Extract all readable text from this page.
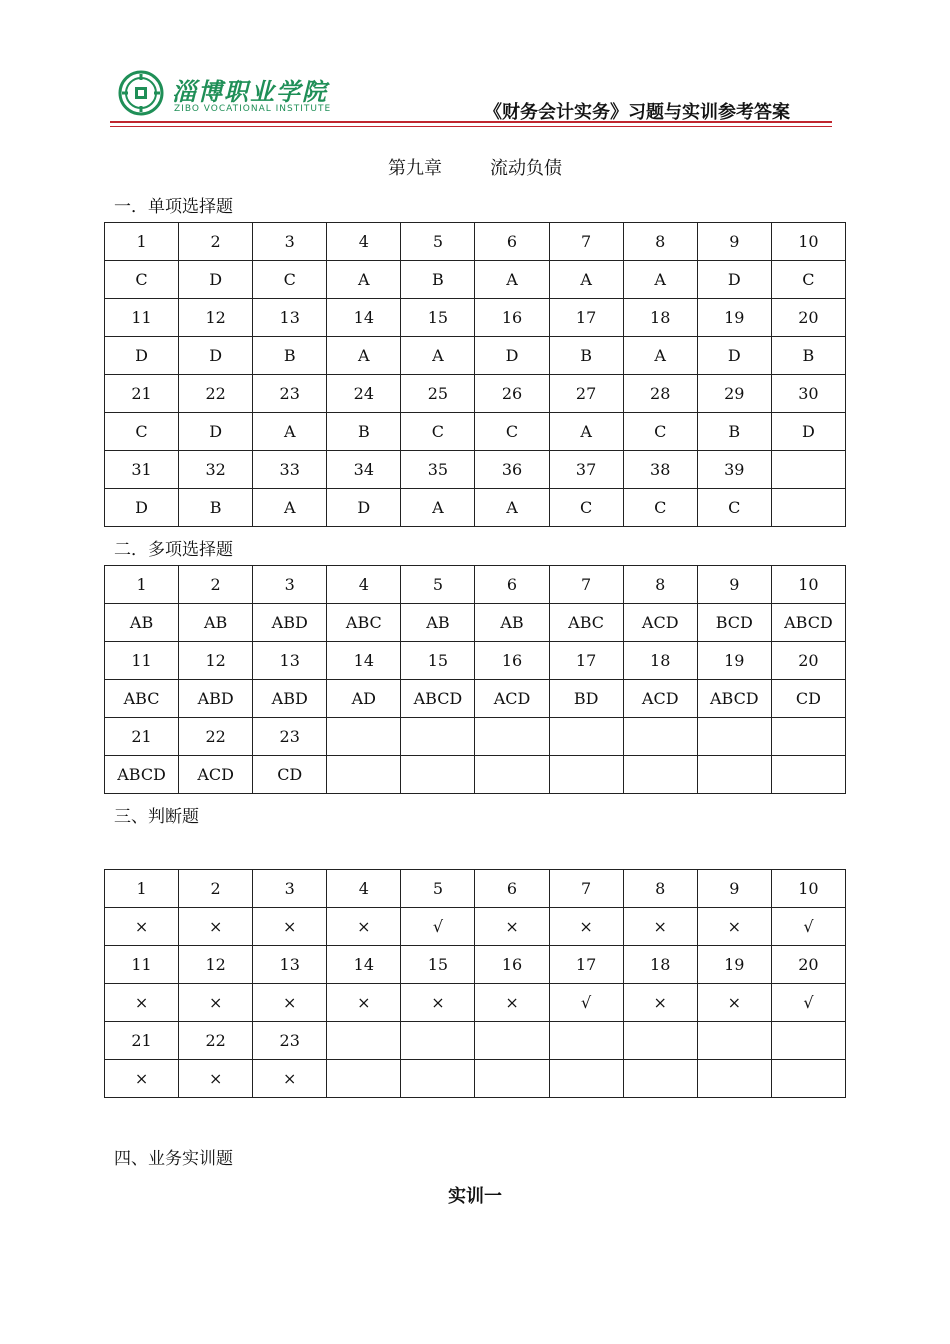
淄博职业学院
ZIBO VOCATIONAL INSTITUTE	《财务会计实务》习题与实训参考答案
第九章	流动负债
一．单项选择题
1	2	3	4	5	6	7	8	9	10
C	D	C	A	B	A	A	A	D	C
11	12	13	14	15	16	17	18	19	20
D	D	B	A	A	D	B	A	D	B
21	22	23	24	25	26	27	28	29	30
C	D	A	B	C	C	A	C	B	D
31	32	33	34	35	36	37	38	39	
D	B	A	D	A	A	C	C	C	
二．多项选择题
1	2	3	4	5	6	7	8	9	10
AB	AB	ABD	ABC	AB	AB	ABC	ACD	BCD	ABCD
11	12	13	14	15	16	17	18	19	20
ABC	ABD	ABD	AD	ABCD	ACD	BD	ACD	ABCD	CD
21	22	23							
ABCD	ACD	CD							
三、判断题
1	2	3	4	5	6	7	8	9	10
×	×	×	×	√	×	×	×	×	√
11	12	13	14	15	16	17	18	19	20
×	×	×	×	×	×	√	×	×	√
21	22	23							
×	×	×							
四、业务实训题
实训一
